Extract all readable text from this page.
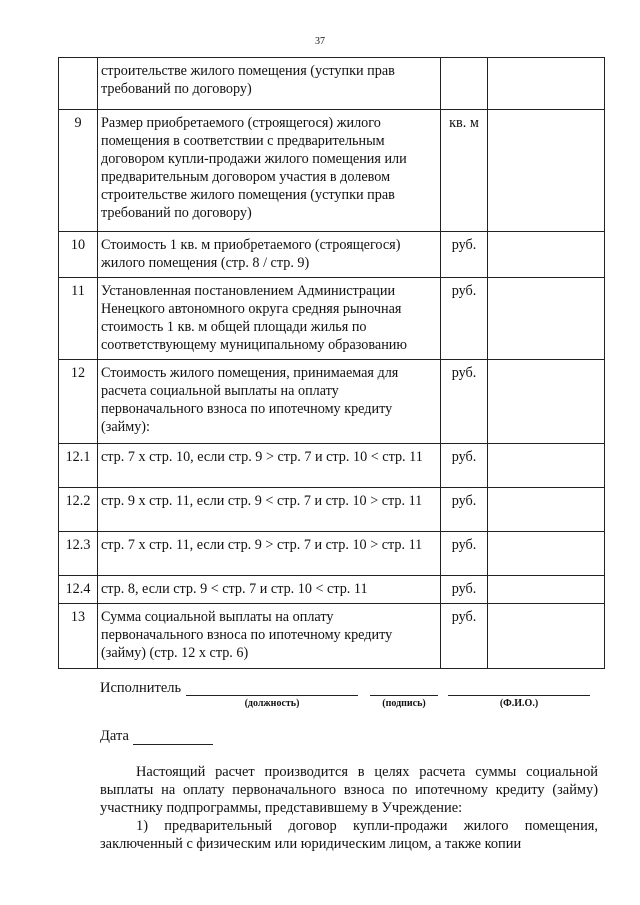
37
	строительстве жилого помещения (уступки прав требований по договору)		
9	Размер приобретаемого (строящегося) жилого помещения в соответствии с предварительным договором купли-продажи жилого помещения или предварительным договором участия в долевом строительстве жилого помещения (уступки прав требований по договору)	кв. м	
10	Стоимость 1 кв. м приобретаемого (строящегося) жилого помещения (стр. 8 / стр. 9)	руб.	
11	Установленная постановлением Администрации Ненецкого автономного округа средняя рыночная стоимость 1 кв. м общей площади жилья по соответствующему муниципальному образованию	руб.	
12	Стоимость жилого помещения, принимаемая для расчета социальной выплаты на оплату первоначального взноса по ипотечному кредиту (займу):	руб.	
12.1	стр. 7 х стр. 10, если стр. 9 > стр. 7 и стр. 10 < стр. 11	руб.	
12.2	стр. 9 х стр. 11, если стр. 9 < стр. 7 и стр. 10 > стр. 11	руб.	
12.3	стр. 7 х стр. 11, если стр. 9 > стр. 7 и стр. 10 > стр. 11	руб.	
12.4	стр. 8, если стр. 9 < стр. 7 и стр. 10 < стр. 11	руб.	
13	Сумма социальной выплаты на оплату первоначального взноса по ипотечному кредиту (займу) (стр. 12 х стр. 6)	руб.	
Исполнитель
(должность)	(подпись)	(Ф.И.О.)
Дата

Настоящий расчет производится в целях расчета суммы социальной выплаты на оплату первоначального взноса по ипотечному кредиту (займу) участнику подпрограммы, представившему в Учреждение:

1) предварительный договор купли-продажи жилого помещения, заключенный с физическим или юридическим лицом, а также копии
